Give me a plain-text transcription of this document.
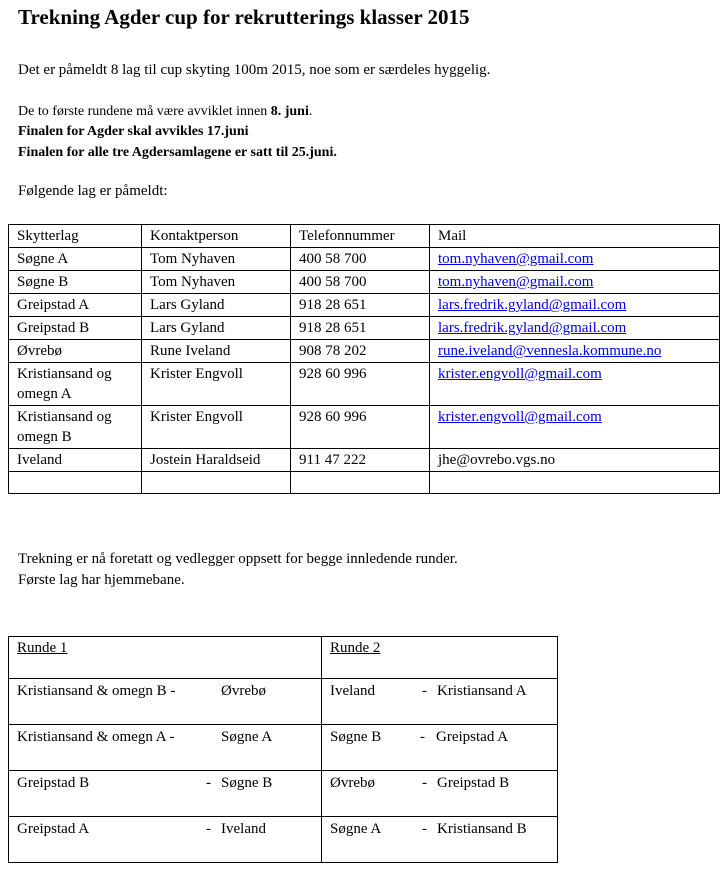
Trekning Agder cup for rekrutterings klasser 2015
Det er påmeldt 8 lag til cup skyting 100m 2015, noe som er særdeles hyggelig.
De to første rundene må være avviklet innen 8. juni.
Finalen for Agder skal avvikles 17.juni
Finalen for alle tre Agdersamlagene er satt til 25.juni.
Følgende lag er påmeldt:
Skytterlag	Kontaktperson	Telefonnummer	Mail
Søgne A	Tom Nyhaven	400 58 700	tom.nyhaven@gmail.com
Søgne B	Tom Nyhaven	400 58 700	tom.nyhaven@gmail.com
Greipstad A	Lars Gyland	918 28 651	lars.fredrik.gyland@gmail.com
Greipstad B	Lars Gyland	918 28 651	lars.fredrik.gyland@gmail.com
Øvrebø	Rune Iveland	908 78 202	rune.iveland@vennesla.kommune.no
Kristiansand og omegn A	Krister Engvoll	928 60 996	krister.engvoll@gmail.com
Kristiansand og omegn B	Krister Engvoll	928 60 996	krister.engvoll@gmail.com
Iveland	Jostein Haraldseid	911 47 222	jhe@ovrebo.vgs.no

Trekning er nå foretatt og vedlegger oppsett for begge innledende runder.
Første lag har hjemmebane.
Runde 1	Runde 2

Kristiansand & omegn B - Øvrebø	Iveland - Kristiansand A

Kristiansand & omegn A - Søgne A	Søgne B - Greipstad A

Greipstad B - Søgne B	Øvrebø - Greipstad B

Greipstad A - Iveland	Søgne A - Kristiansand B
